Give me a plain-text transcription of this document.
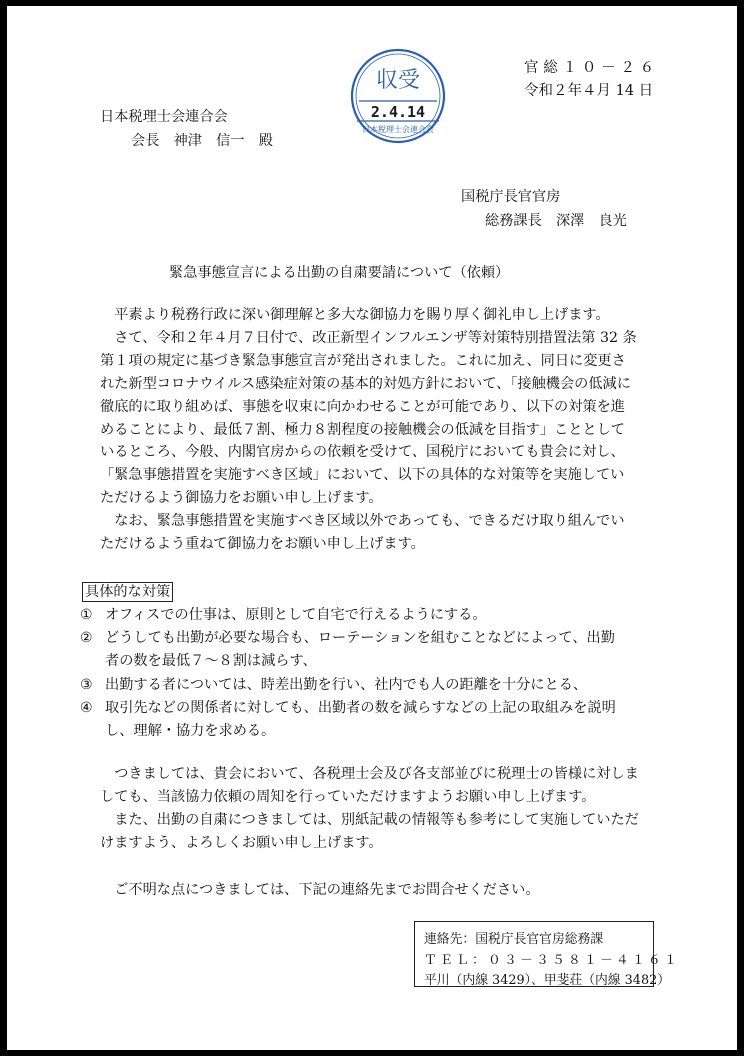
官総１０－２６
令和２年４月 14 日
日本税理士会連合会
会長　 神津　信一　 殿
収受
2.4.14
日本税理士会連合会
国税庁長官官房
総務課長　深澤　良光
緊急事態宣言による出勤の自粛要請について（依頼）
　平素より税務行政に深い御理解と多大な御協力を賜り厚く御礼申し上げます。
　さて、令和２年４月７日付で、改正新型インフルエンザ等対策特別措置法第 32 条
第１項の規定に基づき緊急事態宣言が発出されました。これに加え、同日に変更さ
れた新型コロナウイルス感染症対策の基本的対処方針において、「接触機会の低減に
徹底的に取り組めば、事態を収束に向かわせることが可能であり、以下の対策を進
めることにより、最低７割、極力８割程度の接触機会の低減を目指す」こととして
いるところ、今般、内閣官房からの依頼を受けて、国税庁においても貴会に対し、
「緊急事態措置を実施すべき区域」において、以下の具体的な対策等を実施してい
ただけるよう御協力をお願い申し上げます。
　なお、緊急事態措置を実施すべき区域以外であっても、できるだけ取り組んでい
ただけるよう重ねて御協力をお願い申し上げます。
具体的な対策
① オフィスでの仕事は、原則として自宅で行えるようにする。
② どうしても出勤が必要な場合も、ローテーションを組むことなどによって、出勤
者の数を最低７～８割は減らす、
③ 出勤する者については、時差出勤を行い、社内でも人の距離を十分にとる、
④ 取引先などの関係者に対しても、出勤者の数を減らすなどの上記の取組みを説明
し、理解・協力を求める。
　つきましては、貴会において、各税理士会及び各支部並びに税理士の皆様に対しま
しても、当該協力依頼の周知を行っていただけますようお願い申し上げます。
　また、出勤の自粛につきましては、別紙記載の情報等も参考にして実施していただ
けますよう、よろしくお願い申し上げます。
　ご不明な点につきましては、下記の連絡先までお問合せください。
連絡先：国税庁長官官房総務課
ＴＥＬ：０３－３５８１－４１６１
平川（内線 3429）、甲斐荘（内線 3482）
